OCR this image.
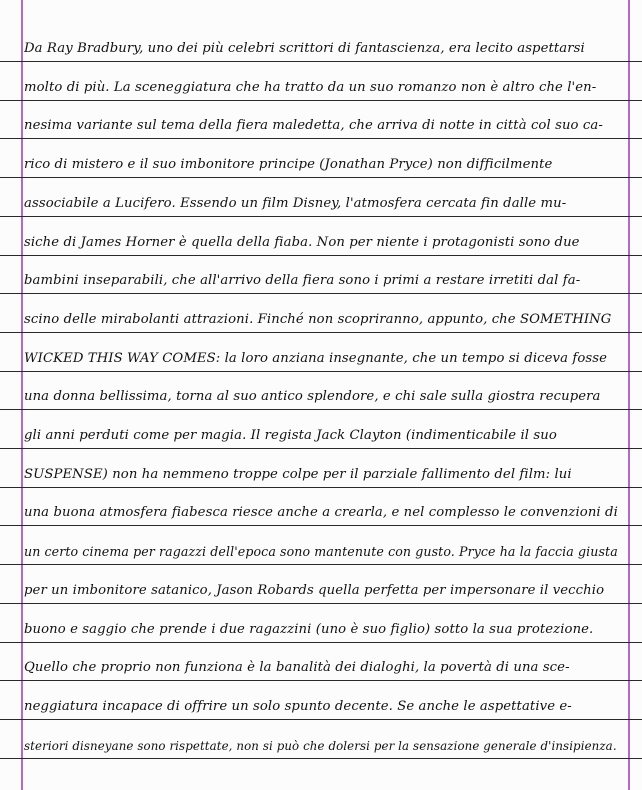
Da Ray Bradbury, uno dei più celebri scrittori di fantascienza, era lecito aspettarsi
molto di più. La sceneggiatura che ha tratto da un suo romanzo non è altro che l'en-
nesima variante sul tema della fiera maledetta, che arriva di notte in città col suo ca-
rico di mistero e il suo imbonitore principe (Jonathan Pryce) non difficilmente
associabile a Lucifero. Essendo un film Disney, l'atmosfera cercata fin dalle mu-
siche di James Horner è quella della fiaba. Non per niente i protagonisti sono due
bambini inseparabili, che all'arrivo della fiera sono i primi a restare irretiti dal fa-
scino delle mirabolanti attrazioni. Finché non scopriranno, appunto, che SOMETHING
WICKED THIS WAY COMES: la loro anziana insegnante, che un tempo si diceva fosse
una donna bellissima, torna al suo antico splendore, e chi sale sulla giostra recupera
gli anni perduti come per magia. Il regista Jack Clayton (indimenticabile il suo
SUSPENSE) non ha nemmeno troppe colpe per il parziale fallimento del film: lui
una buona atmosfera fiabesca riesce anche a crearla, e nel complesso le convenzioni di
un certo cinema per ragazzi dell'epoca sono mantenute con gusto. Pryce ha la faccia giusta
per un imbonitore satanico, Jason Robards quella perfetta per impersonare il vecchio
buono e saggio che prende i due ragazzini (uno è suo figlio) sotto la sua protezione.
Quello che proprio non funziona è la banalità dei dialoghi, la povertà di una sce-
neggiatura incapace di offrire un solo spunto decente. Se anche le aspettative e-
steriori disneyane sono rispettate, non si può che dolersi per la sensazione generale d'insipienza.
